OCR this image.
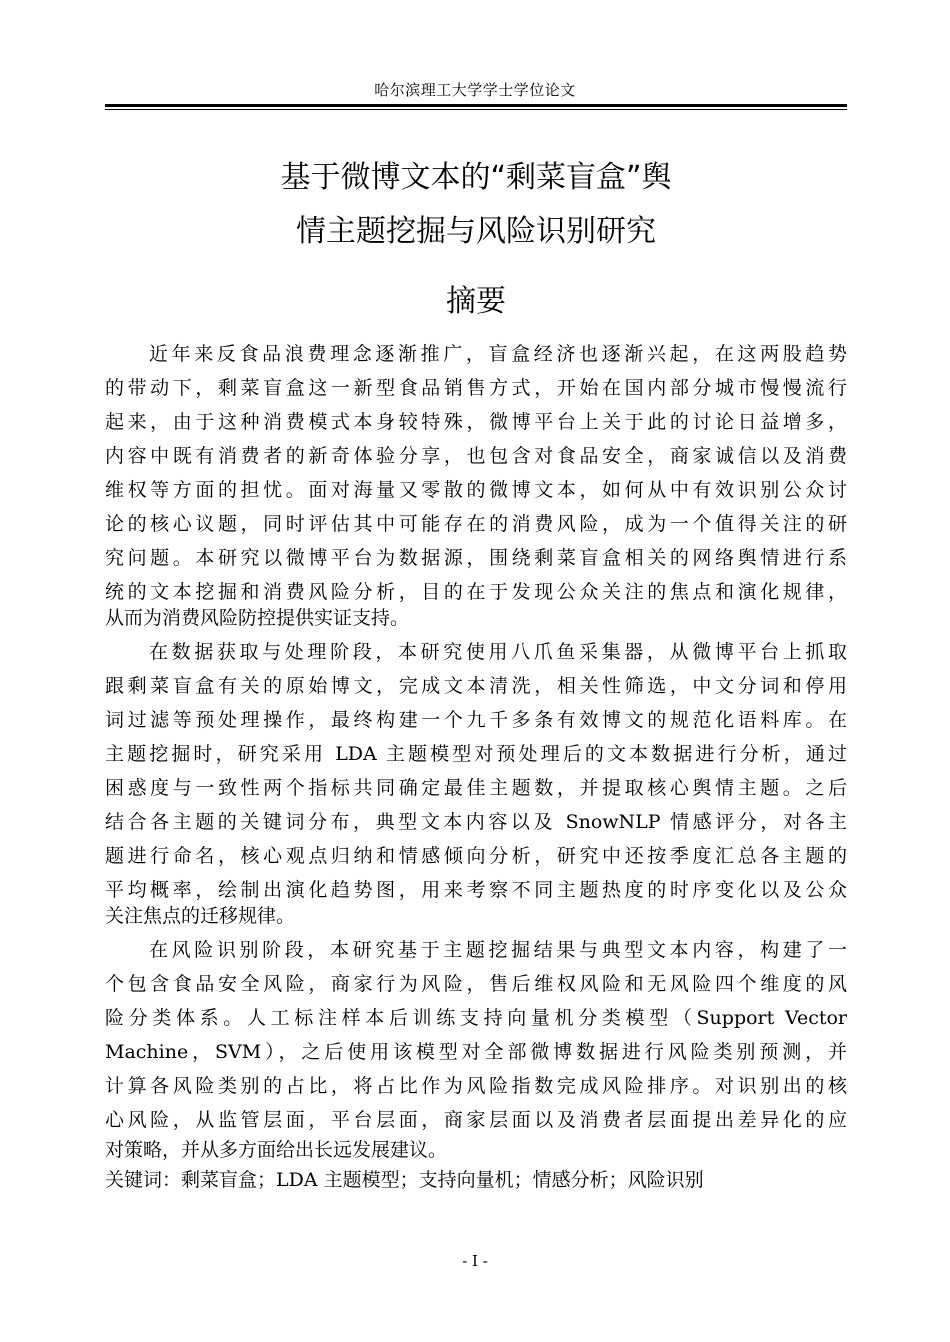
哈尔滨理工大学学士学位论文
基于微博文本的“剩菜盲盒”舆
情主题挖掘与风险识别研究
摘要
近年来反食品浪费理念逐渐推广，盲盒经济也逐渐兴起，在这两股趋势
的带动下，剩菜盲盒这一新型食品销售方式，开始在国内部分城市慢慢流行
起来，由于这种消费模式本身较特殊，微博平台上关于此的讨论日益增多，
内容中既有消费者的新奇体验分享，也包含对食品安全，商家诚信以及消费
维权等方面的担忧。面对海量又零散的微博文本，如何从中有效识别公众讨
论的核心议题，同时评估其中可能存在的消费风险，成为一个值得关注的研
究问题。本研究以微博平台为数据源，围绕剩菜盲盒相关的网络舆情进行系
统的文本挖掘和消费风险分析，目的在于发现公众关注的焦点和演化规律，
从而为消费风险防控提供实证支持。
在数据获取与处理阶段，本研究使用八爪鱼采集器，从微博平台上抓取
跟剩菜盲盒有关的原始博文，完成文本清洗，相关性筛选，中文分词和停用
词过滤等预处理操作，最终构建一个九千多条有效博文的规范化语料库。在
主题挖掘时，研究采用 LDA 主题模型对预处理后的文本数据进行分析，通过
困惑度与一致性两个指标共同确定最佳主题数，并提取核心舆情主题。之后
结合各主题的关键词分布，典型文本内容以及 SnowNLP 情感评分，对各主
题进行命名，核心观点归纳和情感倾向分析，研究中还按季度汇总各主题的
平均概率，绘制出演化趋势图，用来考察不同主题热度的时序变化以及公众
关注焦点的迁移规律。
在风险识别阶段，本研究基于主题挖掘结果与典型文本内容，构建了一
个包含食品安全风险，商家行为风险，售后维权风险和无风险四个维度的风
险分类体系。人工标注样本后训练支持向量机分类模型（Support Vector
Machine，SVM），之后使用该模型对全部微博数据进行风险类别预测，并
计算各风险类别的占比，将占比作为风险指数完成风险排序。对识别出的核
心风险，从监管层面，平台层面，商家层面以及消费者层面提出差异化的应
对策略，并从多方面给出长远发展建议。
关键词：剩菜盲盒；LDA 主题模型；支持向量机；情感分析；风险识别
- I -
